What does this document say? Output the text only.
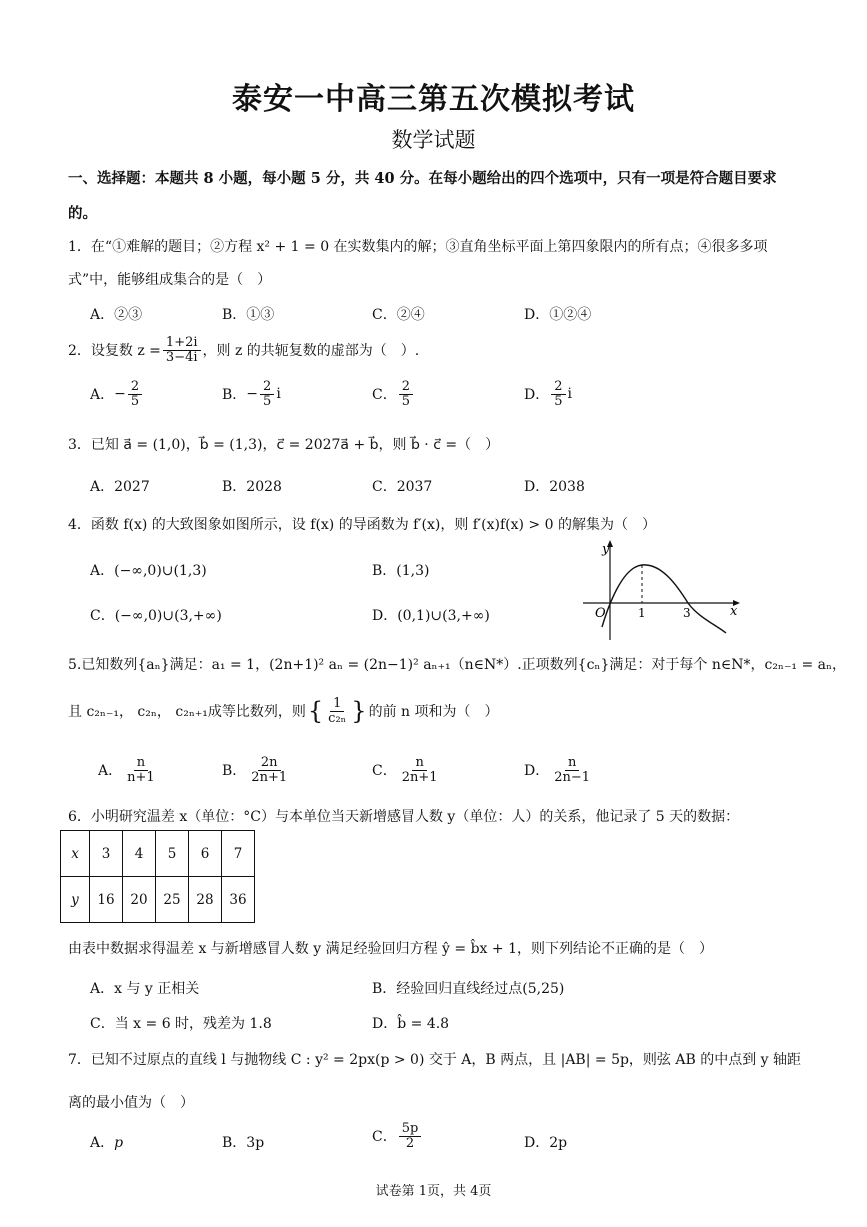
泰安一中高三第五次模拟考试
数学试题
一、选择题：本题共 8 小题，每小题 5 分，共 40 分。在每小题给出的四个选项中，只有一项是符合题目要求
的。
1．在“①难解的题目；②方程 x² + 1 = 0 在实数集内的解；③直角坐标平面上第四象限内的所有点；④很多多项
式”中，能够组成集合的是（　）
A．②③	B．①③	C．②④	D．①②④
2．设复数 $z = \frac{1+2i}{3-4i}$ ，则 z 的共轭复数的虚部为（　）.
A． − $\frac{2}{5}$	B． − $\frac{2}{5}$ i	C． $\frac{2}{5}$	D． $\frac{2}{5}$ i
3．已知 a⃗ = (1,0)，b⃗ = (1,3)，c⃗ = 2027a⃗ + b⃗，则 b⃗ · c⃗ =（　）
A．2027	B．2028	C．2037	D．2038
4．函数 f(x) 的大致图象如图所示，设 f(x) 的导函数为 f′(x)，则 f′(x)f(x) > 0 的解集为（　）
A．(−∞,0)∪(1,3)	B．(1,3)
C．(−∞,0)∪(3,+∞)	D．(0,1)∪(3,+∞)
y
x
O	1	3
5.已知数列{aₙ}满足：a₁ = 1，(2n+1)² aₙ = (2n−1)² aₙ₊₁（n∈N*）.正项数列{cₙ}满足：对于每个 n∈N*，c₂ₙ₋₁ = aₙ，
且 c₂ₙ₋₁， c₂ₙ， c₂ₙ₊₁成等比数列，则 { $\frac{1}{\text{c₂ₙ}}$ } 的前 n 项和为（　）
A． $\frac{n}{n+1}$	B． $\frac{2n}{2n+1}$	C． $\frac{n}{2n+1}$	D． $\frac{n}{2n-1}$
6．小明研究温差 x（单位：°C）与本单位当天新增感冒人数 y（单位：人）的关系，他记录了 5 天的数据：
x	3	4	5	6	7
y	16	20	25	28	36
由表中数据求得温差 x 与新增感冒人数 y 满足经验回归方程 ŷ = b̂x + 1，则下列结论不正确的是（　）
A．x 与 y 正相关	B．经验回归直线经过点(5,25)
C．当 x = 6 时，残差为 1.8	D．b̂ = 4.8
7．已知不过原点的直线 l 与抛物线 C : y² = 2px(p > 0) 交于 A，B 两点，且 |AB| = 5p，则弦 AB 的中点到 y 轴距
离的最小值为（　）
A．p	B．3p	C． $\frac{5p}{2}$	D．2p
试卷第 1页，共 4页
